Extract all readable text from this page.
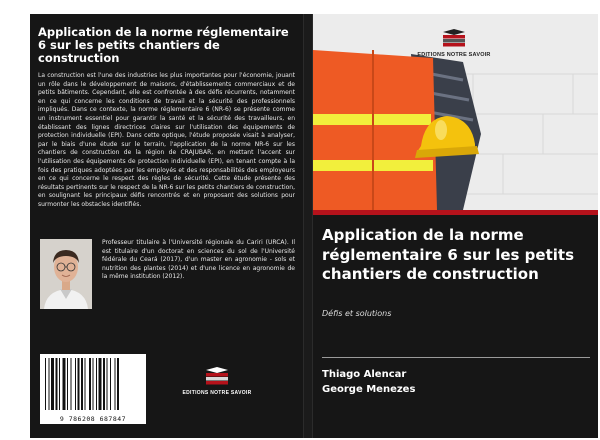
Application de la norme réglementaire 6 sur les petits chantiers de construction

La construction est l'une des industries les plus importantes pour l'économie, jouant un rôle dans le développement de maisons, d'établissements commerciaux et de petits bâtiments. Cependant, elle est confrontée à des défis récurrents, notamment en ce qui concerne les conditions de travail et la sécurité des professionnels impliqués. Dans ce contexte, la norme réglementaire 6 (NR-6) se présente comme un instrument essentiel pour garantir la santé et la sécurité des travailleurs, en établissant des lignes directrices claires sur l'utilisation des équipements de protection individuelle (EPI). Dans cette optique, l'étude proposée visait à analyser, par le biais d'une étude sur le terrain, l'application de la norme NR-6 sur les chantiers de construction de la région de CRAJUBAR, en mettant l'accent sur l'utilisation des équipements de protection individuelle (EPI), en tenant compte à la fois des pratiques adoptées par les employés et des responsabilités des employeurs en ce qui concerne le respect des règles de sécurité. Cette étude présente des résultats pertinents sur le respect de la NR-6 sur les petits chantiers de construction, en soulignant les principaux défis rencontrés et en proposant des solutions pour surmonter les obstacles identifiés.

Professeur titulaire à l'Université régionale du Cariri (URCA). Il est titulaire d'un doctorat en sciences du sol de l'Université fédérale du Ceará (2017), d'un master en agronomie - sols et nutrition des plantes (2014) et d'une licence en agronomie de la même institution (2012).

9 786208 687847
EDITIONS NOTRE SAVOIR
EDITIONS NOTRE SAVOIR
Application de la norme réglementaire 6 sur les petits chantiers de construction
Défis et solutions
Thiago Alencar
George Menezes
